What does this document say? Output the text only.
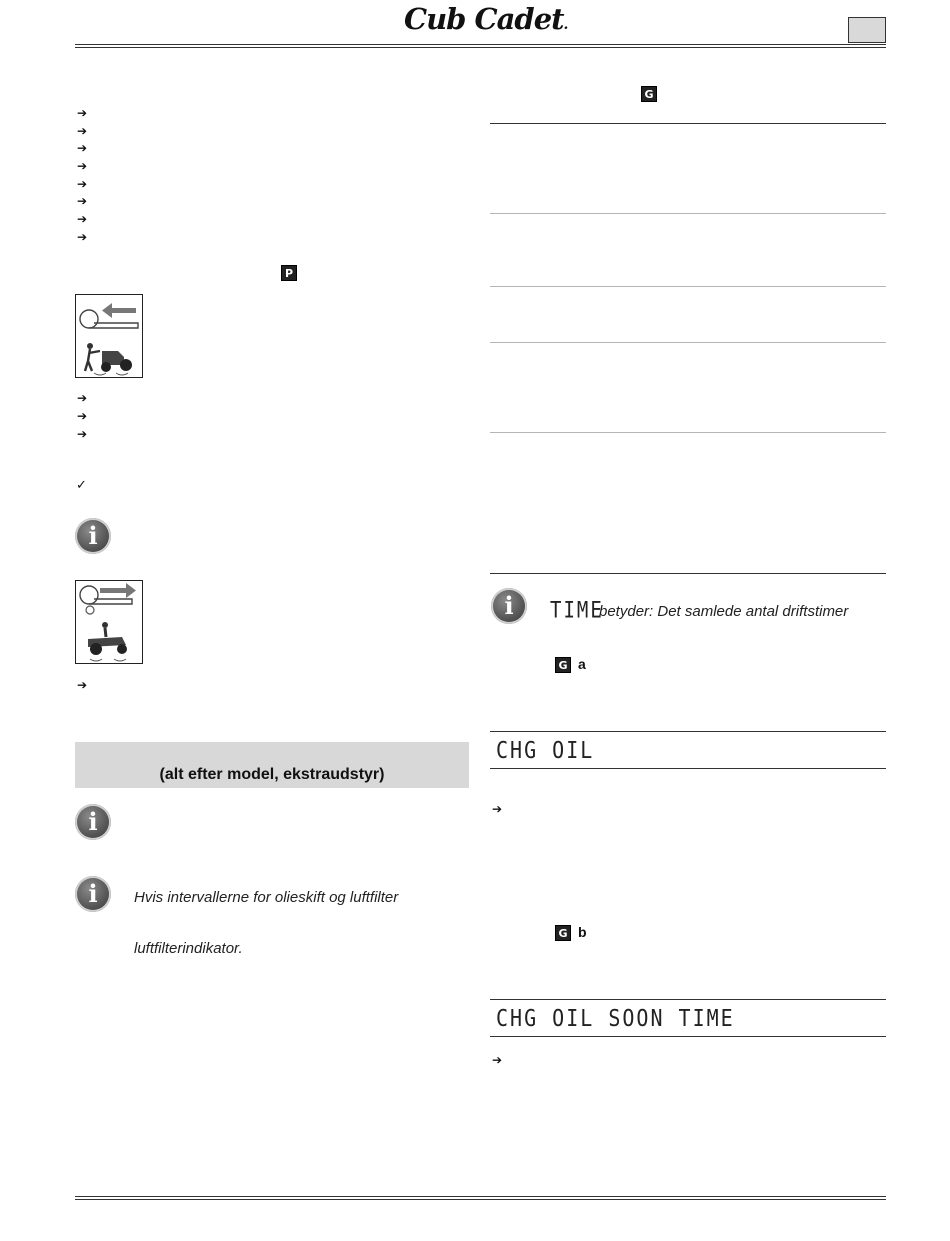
Cub Cadet.
➔
➔
➔
➔
➔
➔
➔
➔
P
➔
➔
➔
✓
i
➔
(alt efter model, ekstraudstyr)
i
i Hvis intervallerne for olieskift og luftfilter
luftfilterindikator.
G
i TIME
betyder: Det samlede antal driftstimer
G a
CHG OIL
➔
G b
CHG OIL SOON TIME
➔
